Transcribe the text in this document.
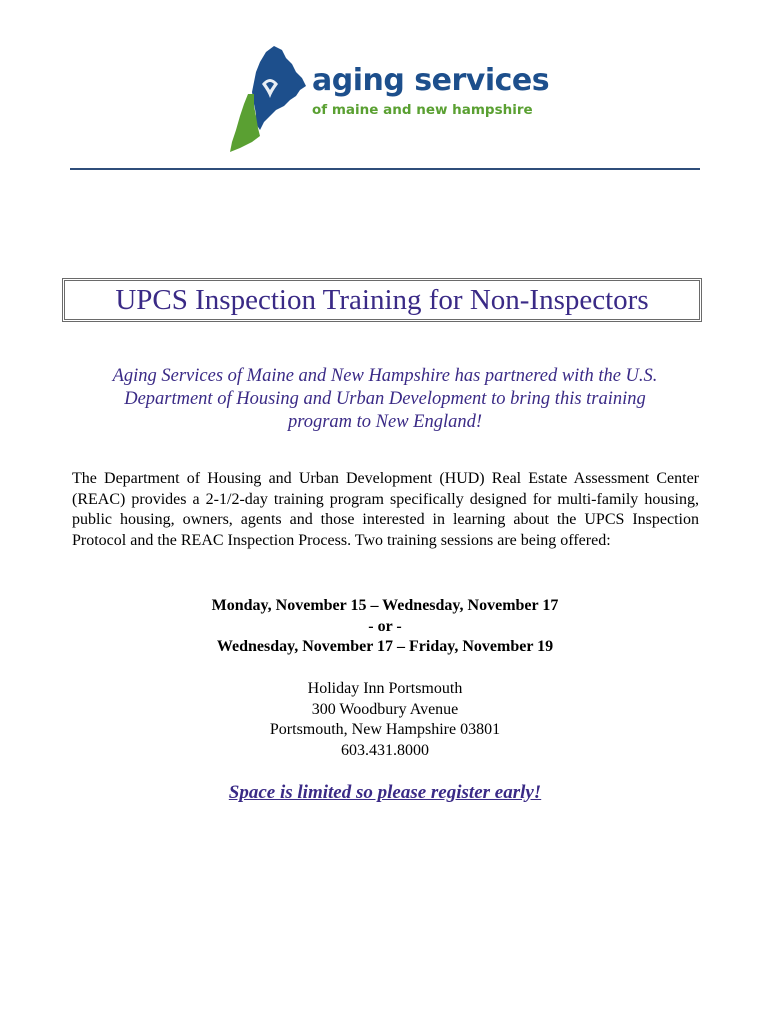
aging services
of maine and new hampshire
UPCS Inspection Training for Non-Inspectors
Aging Services of Maine and New Hampshire has partnered with the U.S.
Department of Housing and Urban Development to bring this training
program to New England!
The Department of Housing and Urban Development (HUD) Real Estate Assessment Center (REAC) provides a 2-1/2-day training program specifically designed for multi-family housing, public housing, owners, agents and those interested in learning about the UPCS Inspection Protocol and the REAC Inspection Process. Two training sessions are being offered:
Monday, November 15 – Wednesday, November 17
- or -
Wednesday, November 17 – Friday, November 19
Holiday Inn Portsmouth
300 Woodbury Avenue
Portsmouth, New Hampshire 03801
603.431.8000
Space is limited so please register early!
